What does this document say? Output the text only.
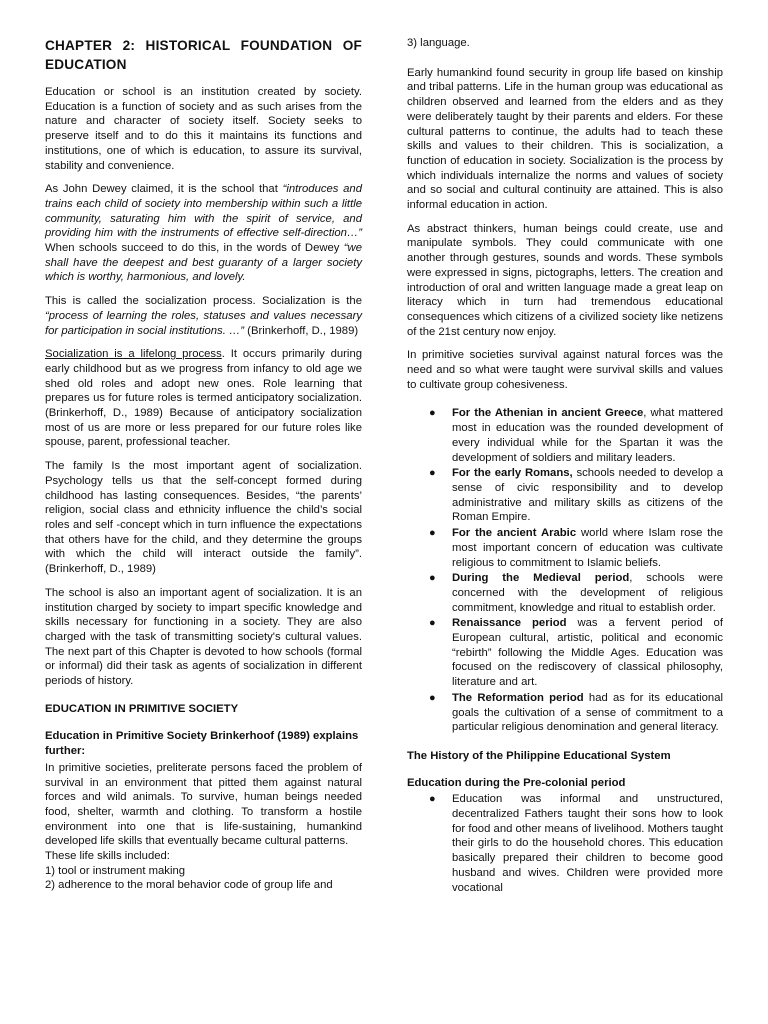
CHAPTER 2: HISTORICAL FOUNDATION OF EDUCATION

Education or school is an institution created by society. Education is a function of society and as such arises from the nature and character of society itself. Society seeks to preserve itself and to do this it maintains its functions and institutions, one of which is education, to assure its survival, stability and convenience.

As John Dewey claimed, it is the school that “introduces and trains each child of society into membership within such a little community, saturating him with the spirit of service, and providing him with the instruments of effective self-direction…” When schools succeed to do this, in the words of Dewey “we shall have the deepest and best guaranty of a larger society which is worthy, harmonious, and lovely.

This is called the socialization process. Socialization is the “process of learning the roles, statuses and values necessary for participation in social institutions. …” (Brinkerhoff, D., 1989)

Socialization is a lifelong process. It occurs primarily during early childhood but as we progress from infancy to old age we shed old roles and adopt new ones. Role learning that prepares us for future roles is termed anticipatory socialization. (Brinkerhoff, D., 1989) Because of anticipatory socialization most of us are more or less prepared for our future roles like spouse, parent, professional teacher.

The family Is the most important agent of socialization. Psychology tells us that the self-concept formed during childhood has lasting consequences. Besides, “the parents’ religion, social class and ethnicity influence the child’s social roles and self -concept which in turn influence the expectations that others have for the child, and they determine the groups with which the child will interact outside the family”. (Brinkerhoff, D., 1989)

The school is also an important agent of socialization. It is an institution charged by society to impart specific knowledge and skills necessary for functioning in a society. They are also charged with the task of transmitting society's cultural values. The next part of this Chapter is devoted to how schools (formal or informal) did their task as agents of socialization in different periods of history.

EDUCATION IN PRIMITIVE SOCIETY
Education in Primitive Society Brinkerhoof (1989) explains further:

In primitive societies, preliterate persons faced the problem of survival in an environment that pitted them against natural forces and wild animals. To survive, human beings needed food, shelter, warmth and clothing. To transform a hostile environment into one that is life-sustaining, humankind developed life skills that eventually became cultural patterns.

These life skills included:
1) tool or instrument making
2) adherence to the moral behavior code of group life and
3) language.

Early humankind found security in group life based on kinship and tribal patterns. Life in the human group was educational as children observed and learned from the elders and as they were deliberately taught by their parents and elders. For these cultural patterns to continue, the adults had to teach these skills and values to their children. This is socialization, a function of education in society. Socialization is the process by which individuals internalize the norms and values of society and so social and cultural continuity are attained. This is also informal education in action.

As abstract thinkers, human beings could create, use and manipulate symbols. They could communicate with one another through gestures, sounds and words. These symbols were expressed in signs, pictographs, letters. The creation and introduction of oral and written language made a great leap on literacy which in turn had tremendous educational consequences which citizens of a civilized society like netizens of the 21st century now enjoy.

In primitive societies survival against natural forces was the need and so what were taught were survival skills and values to cultivate group cohesiveness.

● For the Athenian in ancient Greece, what mattered most in education was the rounded development of every individual while for the Spartan it was the development of soldiers and military leaders.
● For the early Romans, schools needed to develop a sense of civic responsibility and to develop administrative and military skills as citizens of the Roman Empire.
● For the ancient Arabic world where Islam rose the most important concern of education was cultivate religious to commitment to Islamic beliefs.
● During the Medieval period, schools were concerned with the development of religious commitment, knowledge and ritual to establish order.
● Renaissance period was a fervent period of European cultural, artistic, political and economic “rebirth” following the Middle Ages. Education was focused on the rediscovery of classical philosophy, literature and art.
● The Reformation period had as for its educational goals the cultivation of a sense of commitment to a particular religious denomination and general literacy.
The History of the Philippine Educational System
Education during the Pre-colonial period
● Education was informal and unstructured, decentralized Fathers taught their sons how to look for food and other means of livelihood. Mothers taught their girls to do the household chores. This education basically prepared their children to become good husband and wives. Children were provided more vocational
